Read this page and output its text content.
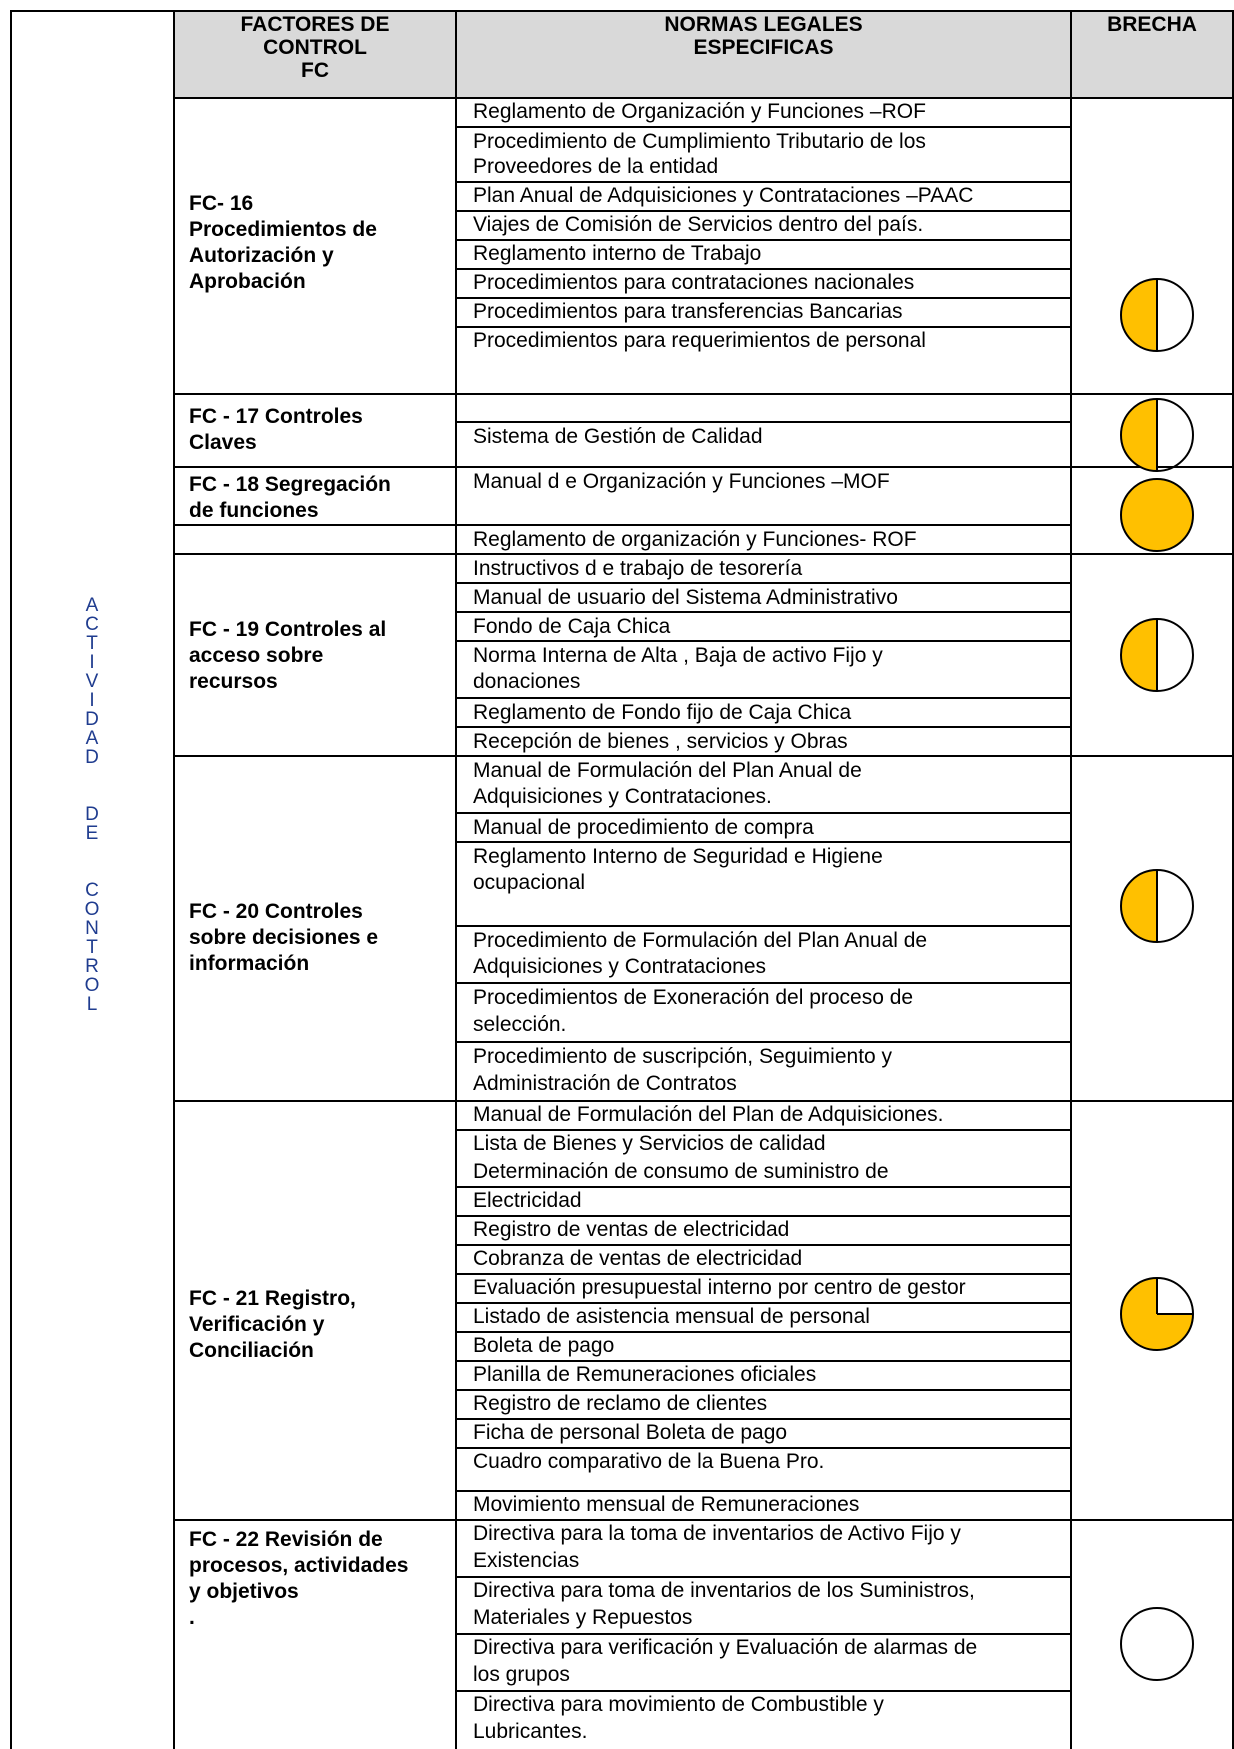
A
C
T
I
V
I
D
A
D
D
E
C
O
N
T
R
O
L
FACTORES DE
CONTROL
FC
NORMAS LEGALES
ESPECIFICAS
BRECHA
FC- 16
Procedimientos de
Autorización y
Aprobación
FC - 17 Controles
Claves
FC - 18 Segregación
de funciones
FC - 19 Controles al
acceso sobre
recursos
FC - 20 Controles
sobre decisiones e
información
FC - 21 Registro,
Verificación y
Conciliación
FC - 22 Revisión de
procesos, actividades
y objetivos
.
Reglamento de Organización y Funciones –ROF
Procedimiento de Cumplimiento Tributario de los
Proveedores de la entidad
Plan Anual de Adquisiciones y Contrataciones –PAAC
Viajes de Comisión de Servicios dentro del país.
Reglamento interno de Trabajo
Procedimientos para contrataciones nacionales
Procedimientos para transferencias Bancarias
Procedimientos para requerimientos de personal
Sistema de Gestión de Calidad
Manual d e Organización y Funciones –MOF
Reglamento de organización y Funciones- ROF
Instructivos d e trabajo de tesorería
Manual de usuario del Sistema Administrativo
Fondo de Caja Chica
Norma Interna de Alta , Baja de activo Fijo y
donaciones
Reglamento de Fondo fijo de Caja Chica
Recepción de bienes , servicios y Obras
Manual de Formulación del Plan Anual de
Adquisiciones y Contrataciones.
Manual de procedimiento de compra
Reglamento Interno de Seguridad e Higiene
ocupacional
Procedimiento de Formulación del Plan Anual de
Adquisiciones y Contrataciones
Procedimientos de Exoneración del proceso de
selección.
Procedimiento de suscripción, Seguimiento y
Administración de Contratos
Manual de Formulación del Plan de Adquisiciones.
Lista de Bienes y Servicios de calidad
Determinación de consumo de suministro de
Electricidad
Registro de ventas de electricidad
Cobranza de ventas de electricidad
Evaluación presupuestal interno por centro de gestor
Listado de asistencia mensual de personal
Boleta de pago
Planilla de Remuneraciones oficiales
Registro de reclamo de clientes
Ficha de personal Boleta de pago
Cuadro comparativo de la Buena Pro.
Movimiento mensual de Remuneraciones
Directiva para la toma de inventarios de Activo Fijo y
Existencias
Directiva para toma de inventarios de los Suministros,
Materiales y Repuestos
Directiva para verificación y Evaluación de alarmas de
los grupos
Directiva para movimiento de Combustible y
Lubricantes.
